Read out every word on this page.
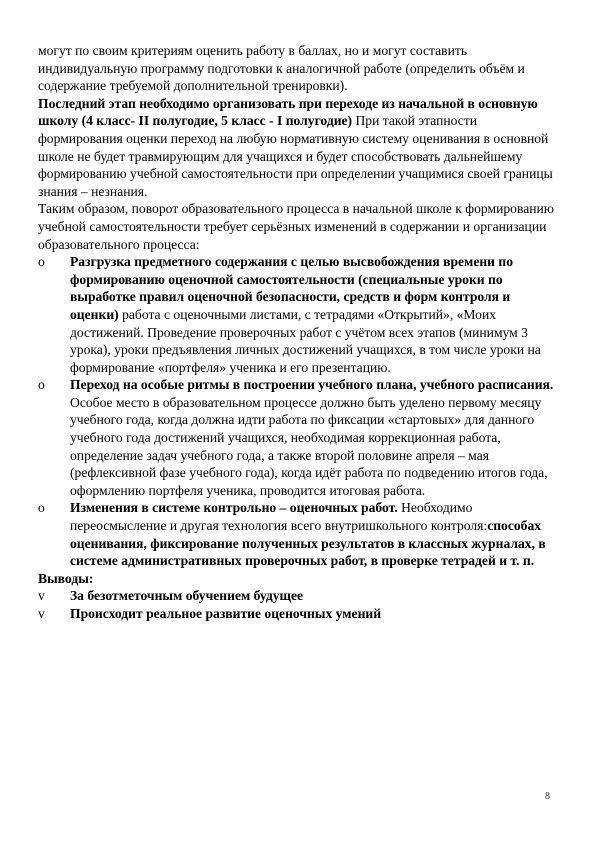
могут по своим критериям оценить работу в баллах, но и могут составить индивидуальную программу подготовки к аналогичной работе (определить объём и содержание требуемой дополнительной тренировки).

Последний этап необходимо организовать при переходе из начальной в основную школу (4 класс- II полугодие, 5 класс - I полугодие) При такой этапности формирования оценки переход на любую нормативную систему оценивания в основной школе не будет травмирующим для учащихся и будет способствовать дальнейшему формированию учебной самостоятельности при определении учащимися своей границы знания – незнания.

Таким образом, поворот образовательного процесса в начальной школе к формированию учебной самостоятельности требует серьёзных изменений в содержании и организации образовательного процесса:

o	Разгрузка предметного содержания с целью высвобождения времени по формированию оценочной самостоятельности (специальные уроки по выработке правил оценочной безопасности, средств и форм контроля и оценки) работа с оценочными листами, с тетрадями «Открытий», «Моих достижений. Проведение проверочных работ с учётом всех этапов (минимум 3 урока), уроки предъявления личных достижений учащихся, в том числе уроки на формирование «портфеля» ученика и его презентацию.
o	Переход на особые ритмы в построении учебного плана, учебного расписания. Особое место в образовательном процессе должно быть уделено первому месяцу учебного года, когда должна идти работа по фиксации «стартовых» для данного учебного года достижений учащихся, необходимая коррекционная работа, определение задач учебного года, а также второй половине апреля – мая (рефлексивной фазе учебного года), когда идёт работа по подведению итогов года, оформлению портфеля ученика, проводится итоговая работа.
o	Изменения в системе контрольно – оценочных работ. Необходимо переосмысление и другая технология всего внутришкольного контроля:способах оценивания, фиксирование полученных результатов в классных журналах, в системе административных проверочных работ, в проверке тетрадей и т. п.

Выводы:

v	За безотметочным обучением будущее
v	Происходит реальное развитие оценочных умений
8
